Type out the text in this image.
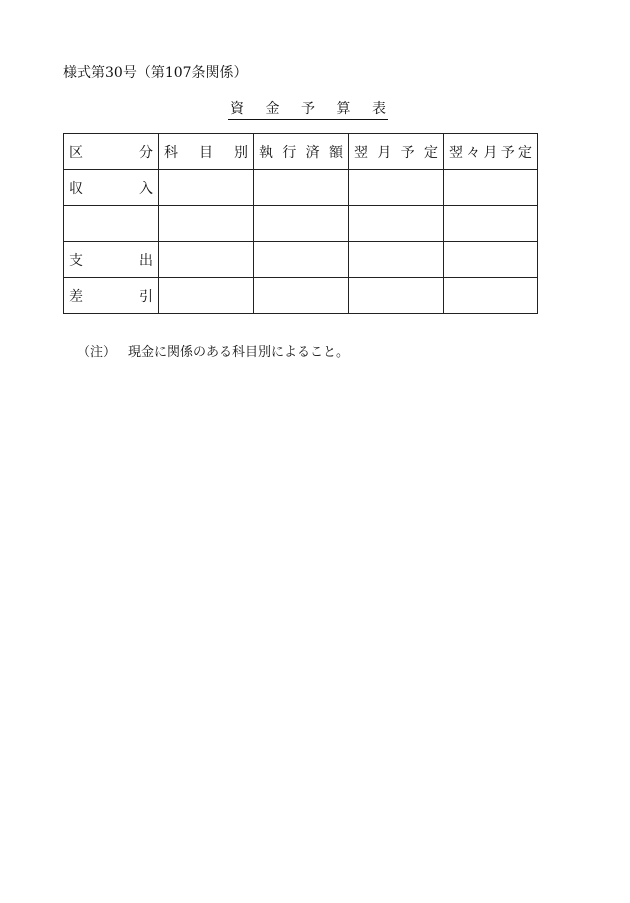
様式第30号（第107条関係）
資 金 予 算 表
区 分	科 目 別	執 行 済 額	翌 月 予 定	翌 々 月 予 定

収 入				

支 出				

差 引				

（注） 現金に関係のある科目別によること。
